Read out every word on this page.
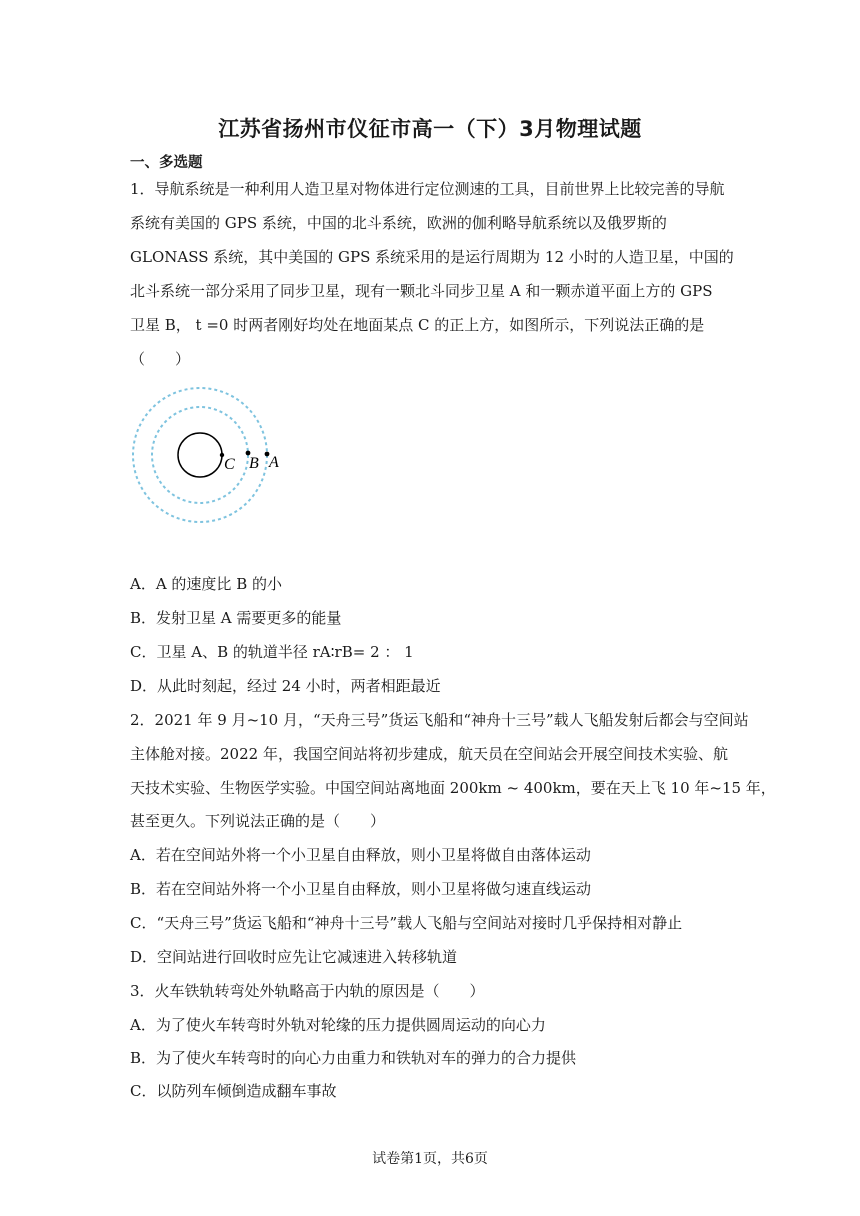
江苏省扬州市仪征市高一（下）3月物理试题
一、多选题
1．导航系统是一种利用人造卫星对物体进行定位测速的工具，目前世界上比较完善的导航
系统有美国的 GPS 系统，中国的北斗系统，欧洲的伽利略导航系统以及俄罗斯的
GLONASS 系统，其中美国的 GPS 系统采用的是运行周期为 12 小时的人造卫星，中国的
北斗系统一部分采用了同步卫星，现有一颗北斗同步卫星 A 和一颗赤道平面上方的 GPS
卫星 B， t =0 时两者刚好均处在地面某点 C 的正上方，如图所示，下列说法正确的是
（　　）
C B A
A．A 的速度比 B 的小
B．发射卫星 A 需要更多的能量
C．卫星 A、B 的轨道半径 rA∶rB= 2 ： 1
D．从此时刻起，经过 24 小时，两者相距最近
2．2021 年 9 月~10 月，“天舟三号”货运飞船和“神舟十三号”载人飞船发射后都会与空间站
主体舱对接。2022 年，我国空间站将初步建成，航天员在空间站会开展空间技术实验、航
天技术实验、生物医学实验。中国空间站离地面 200km ~ 400km，要在天上飞 10 年~15 年，
甚至更久。下列说法正确的是（　　）
A．若在空间站外将一个小卫星自由释放，则小卫星将做自由落体运动
B．若在空间站外将一个小卫星自由释放，则小卫星将做匀速直线运动
C．“天舟三号”货运飞船和“神舟十三号”载人飞船与空间站对接时几乎保持相对静止
D．空间站进行回收时应先让它减速进入转移轨道
3．火车铁轨转弯处外轨略高于内轨的原因是（　　）
A．为了使火车转弯时外轨对轮缘的压力提供圆周运动的向心力
B．为了使火车转弯时的向心力由重力和铁轨对车的弹力的合力提供
C．以防列车倾倒造成翻车事故
试卷第1页，共6页
